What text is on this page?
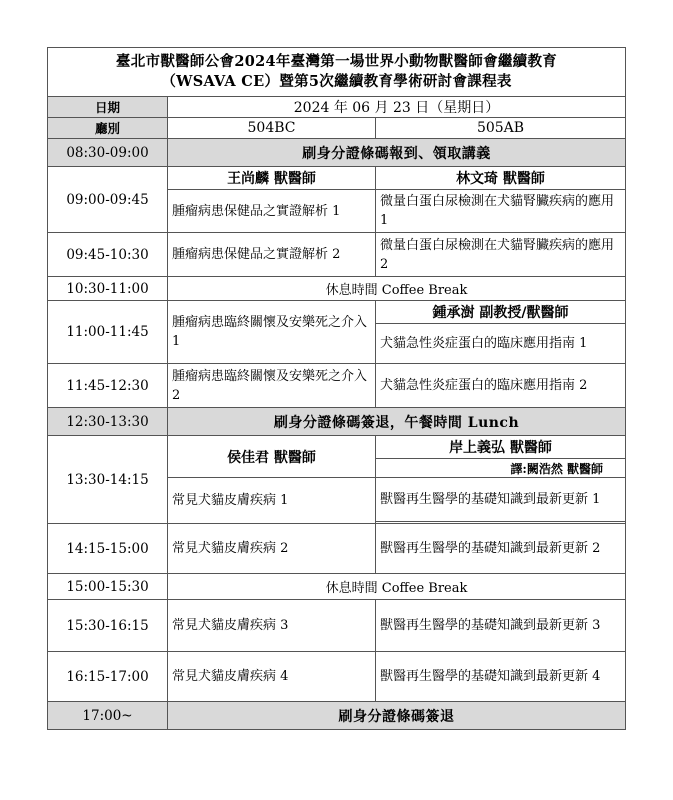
臺北市獸醫師公會2024年臺灣第一場世界小動物獸醫師會繼續教育
（WSAVA CE）暨第5次繼續教育學術研討會課程表		

日期	2024 年 06 月 23 日（星期日）	
廳別	504BC	505AB
08:30-09:00	刷身分證條碼報到、領取講義	
09:00-09:45	王尚麟 獸醫師	林文琦 獸醫師
	腫瘤病患保健品之實證解析 1	微量白蛋白尿檢測在犬貓腎臟疾病的應用 1
09:45-10:30	腫瘤病患保健品之實證解析 2	微量白蛋白尿檢測在犬貓腎臟疾病的應用 2
10:30-11:00	休息時間 Coffee Break	
11:00-11:45	腫瘤病患臨終關懷及安樂死之介入 1	鍾承澍 副教授/獸醫師
		犬貓急性炎症蛋白的臨床應用指南 1
11:45-12:30	腫瘤病患臨終關懷及安樂死之介入 2	犬貓急性炎症蛋白的臨床應用指南 2
12:30-13:30	刷身分證條碼簽退，午餐時間 Lunch	
13:30-14:15	侯佳君 獸醫師	岸上義弘 獸醫師
		譯:闕浩然 獸醫師
	常見犬貓皮膚疾病 1	獸醫再生醫學的基礎知識到最新更新 1

14:15-15:00	常見犬貓皮膚疾病 2	獸醫再生醫學的基礎知識到最新更新 2
15:00-15:30	休息時間 Coffee Break	
15:30-16:15	常見犬貓皮膚疾病 3	獸醫再生醫學的基礎知識到最新更新 3
16:15-17:00	常見犬貓皮膚疾病 4	獸醫再生醫學的基礎知識到最新更新 4
17:00~	刷身分證條碼簽退	
